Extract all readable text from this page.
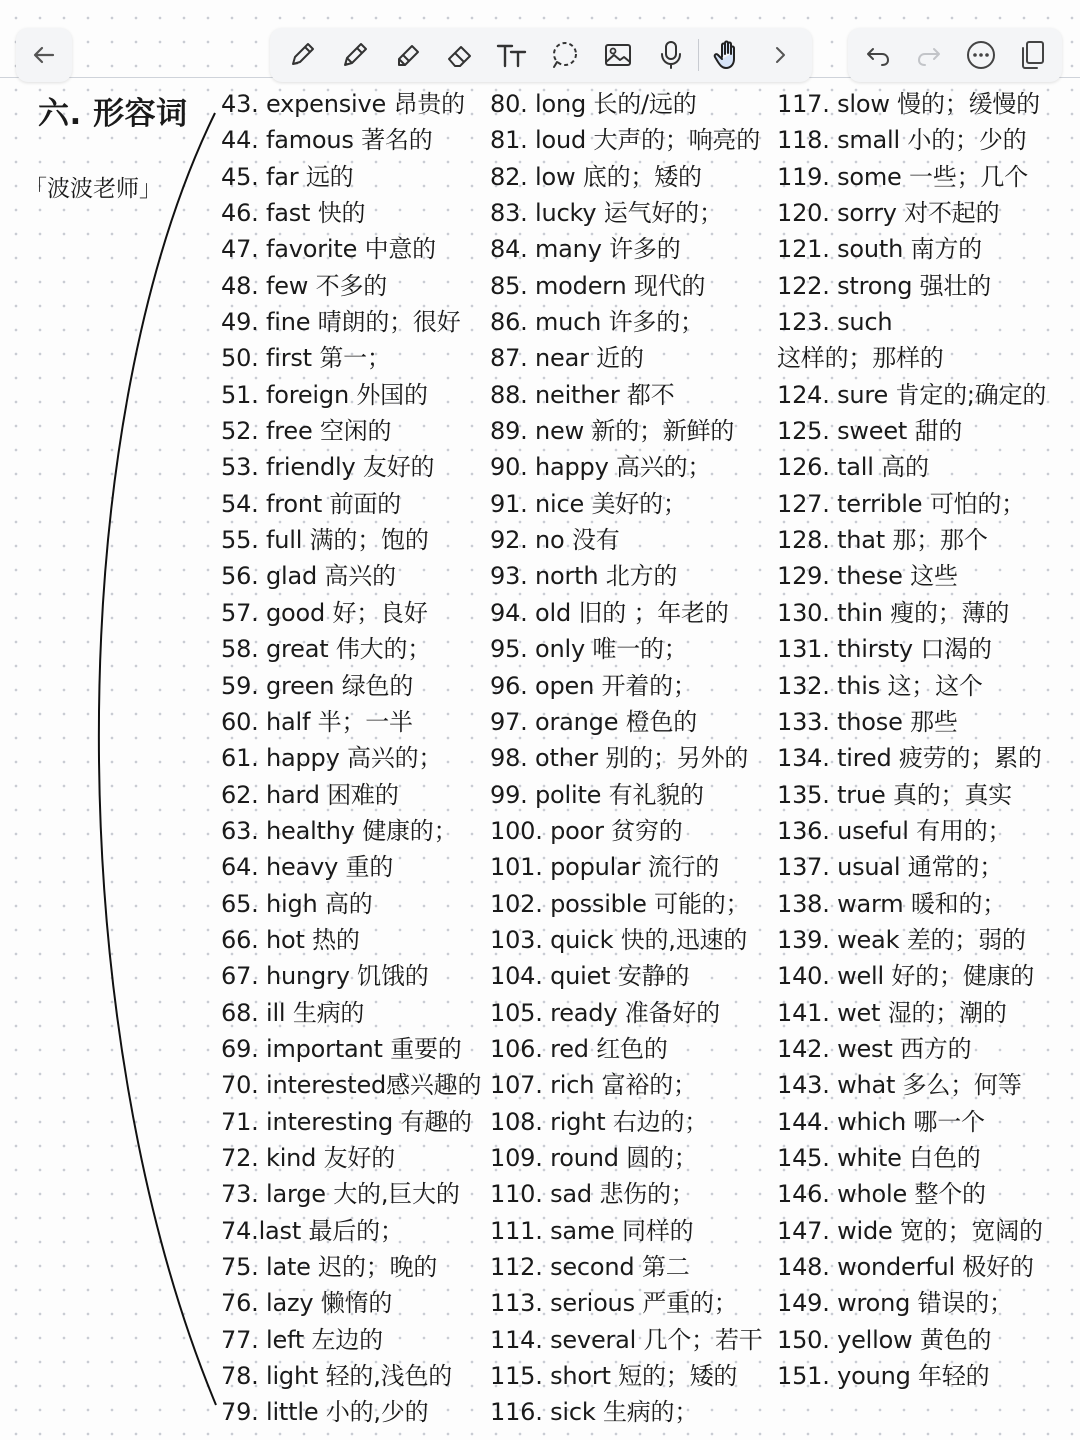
六. 形容词
「波波老师」
43. expensive 昂贵的
44. famous 著名的
45. far 远的
46. fast 快的
47. favorite 中意的
48. few 不多的
49. fine 晴朗的；很好
50. first 第一；
51. foreign 外国的
52. free 空闲的
53. friendly 友好的
54. front 前面的
55. full 满的；饱的
56. glad 高兴的
57. good 好；良好
58. great 伟大的；
59. green 绿色的
60. half 半；一半
61. happy 高兴的；
62. hard 困难的
63. healthy 健康的；
64. heavy 重的
65. high 高的
66. hot 热的
67. hungry 饥饿的
68. ill 生病的
69. important 重要的
70. interested感兴趣的
71. interesting 有趣的
72. kind 友好的
73. large 大的,巨大的
74.last 最后的；
75. late 迟的；晚的
76. lazy 懒惰的
77. left 左边的
78. light 轻的,浅色的
79. little 小的,少的
80. long 长的/远的
81. loud 大声的；响亮的
82. low 底的；矮的
83. lucky 运气好的；
84. many 许多的
85. modern 现代的
86. much 许多的；
87. near 近的
88. neither 都不
89. new 新的；新鲜的
90. happy 高兴的；
91. nice 美好的；
92. no 没有
93. north 北方的
94. old 旧的 ；年老的
95. only 唯一的；
96. open 开着的；
97. orange 橙色的
98. other 别的；另外的
99. polite 有礼貌的
100. poor 贫穷的
101. popular 流行的
102. possible 可能的；
103. quick 快的,迅速的
104. quiet 安静的
105. ready 准备好的
106. red 红色的
107. rich 富裕的；
108. right 右边的；
109. round 圆的；
110. sad 悲伤的；
111. same 同样的
112. second 第二
113. serious 严重的；
114. several 几个；若干
115. short 短的；矮的
116. sick 生病的；
117. slow 慢的；缓慢的
118. small 小的；少的
119. some 一些；几个
120. sorry 对不起的
121. south 南方的
122. strong 强壮的
123. such
这样的；那样的
124. sure 肯定的;确定的
125. sweet 甜的
126. tall 高的
127. terrible 可怕的；
128. that 那；那个
129. these 这些
130. thin 瘦的；薄的
131. thirsty 口渴的
132. this 这；这个
133. those 那些
134. tired 疲劳的；累的
135. true 真的；真实
136. useful 有用的；
137. usual 通常的；
138. warm 暖和的；
139. weak 差的；弱的
140. well 好的；健康的
141. wet 湿的；潮的
142. west 西方的
143. what 多么；何等
144. which 哪一个
145. white 白色的
146. whole 整个的
147. wide 宽的；宽阔的
148. wonderful 极好的
149. wrong 错误的；
150. yellow 黄色的
151. young 年轻的
